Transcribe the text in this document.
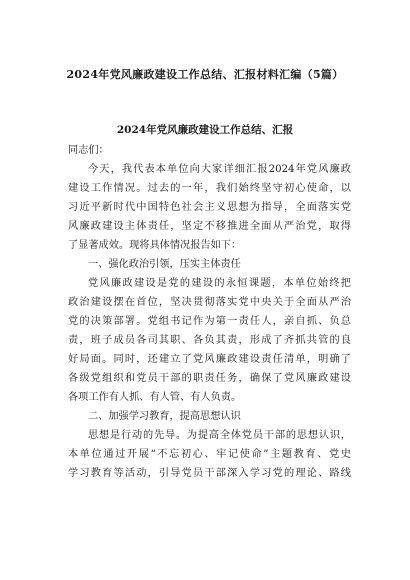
2024年党风廉政建设工作总结、汇报材料汇编（5篇）
2024年党风廉政建设工作总结、汇报
同志们：
今天，我代表本单位向大家详细汇报2024年党风廉政
建设工作情况。过去的一年，我们始终坚守初心使命，以
习近平新时代中国特色社会主义思想为指导，全面落实党
风廉政建设主体责任，坚定不移推进全面从严治党，取得
了显著成效。现将具体情况报告如下：
一、强化政治引领，压实主体责任
党风廉政建设是党的建设的永恒课题，本单位始终把
政治建设摆在首位，坚决贯彻落实党中央关于全面从严治
党的决策部署。党组书记作为第一责任人，亲自抓、负总
责，班子成员各司其职、各负其责，形成了齐抓共管的良
好局面。同时，还建立了党风廉政建设责任清单，明确了
各级党组织和党员干部的职责任务，确保了党风廉政建设
各项工作有人抓、有人管、有人负责。
二、加强学习教育，提高思想认识
思想是行动的先导。为提高全体党员干部的思想认识，
本单位通过开展“不忘初心、牢记使命”主题教育、党史
学习教育等活动，引导党员干部深入学习党的理论、路线
